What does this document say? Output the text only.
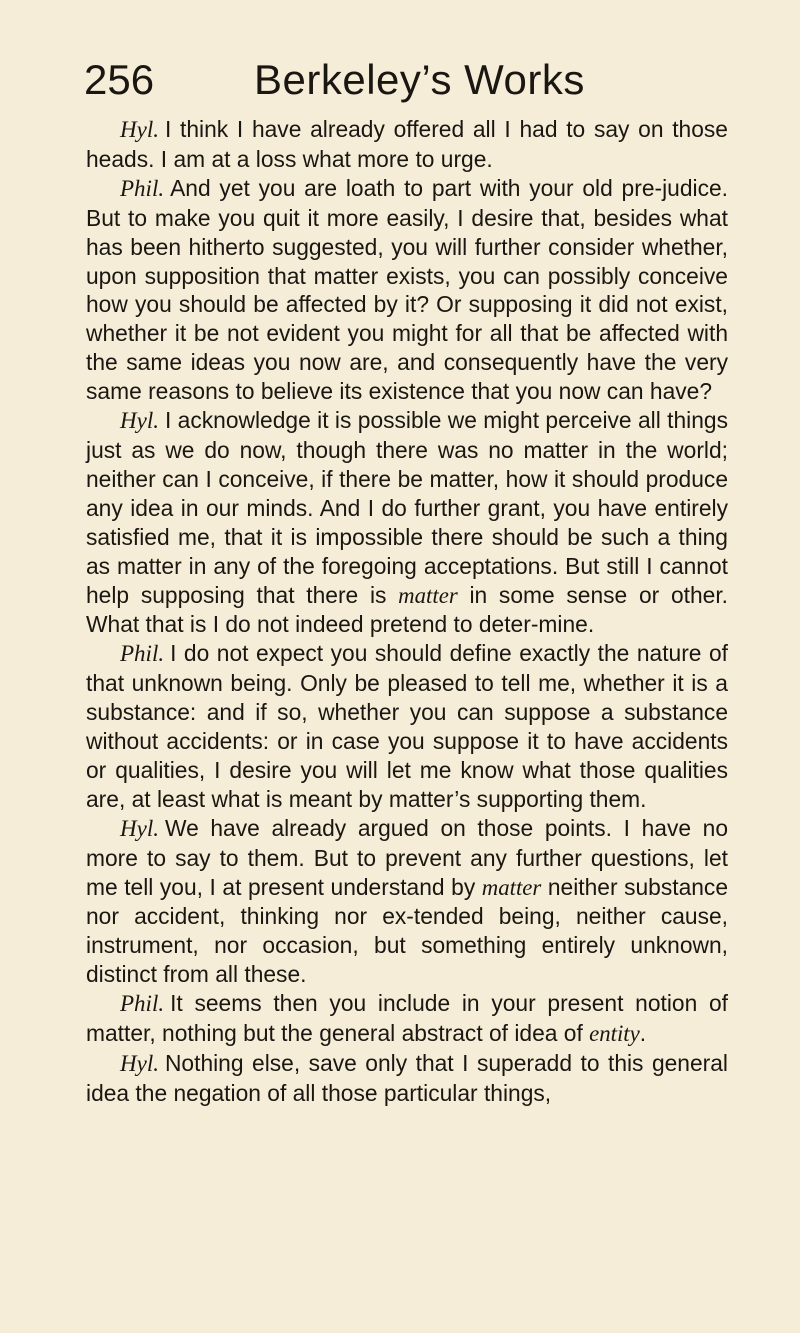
256 Berkeley’s Works

Hyl. I think I have already offered all I had to say on those heads. I am at a loss what more to urge.

Phil. And yet you are loath to part with your old pre-judice. But to make you quit it more easily, I desire that, besides what has been hitherto suggested, you will further consider whether, upon supposition that matter exists, you can possibly conceive how you should be affected by it? Or supposing it did not exist, whether it be not evident you might for all that be affected with the same ideas you now are, and consequently have the very same reasons to believe its existence that you now can have?

Hyl. I acknowledge it is possible we might perceive all things just as we do now, though there was no matter in the world; neither can I conceive, if there be matter, how it should produce any idea in our minds. And I do further grant, you have entirely satisfied me, that it is impossible there should be such a thing as matter in any of the foregoing acceptations. But still I cannot help supposing that there is matter in some sense or other. What that is I do not indeed pretend to deter-mine.

Phil. I do not expect you should define exactly the nature of that unknown being. Only be pleased to tell me, whether it is a substance: and if so, whether you can suppose a substance without accidents: or in case you suppose it to have accidents or qualities, I desire you will let me know what those qualities are, at least what is meant by matter’s supporting them.

Hyl. We have already argued on those points. I have no more to say to them. But to prevent any further questions, let me tell you, I at present understand by matter neither substance nor accident, thinking nor ex-tended being, neither cause, instrument, nor occasion, but something entirely unknown, distinct from all these.

Phil. It seems then you include in your present notion of matter, nothing but the general abstract of idea of entity.

Hyl. Nothing else, save only that I superadd to this general idea the negation of all those particular things,
